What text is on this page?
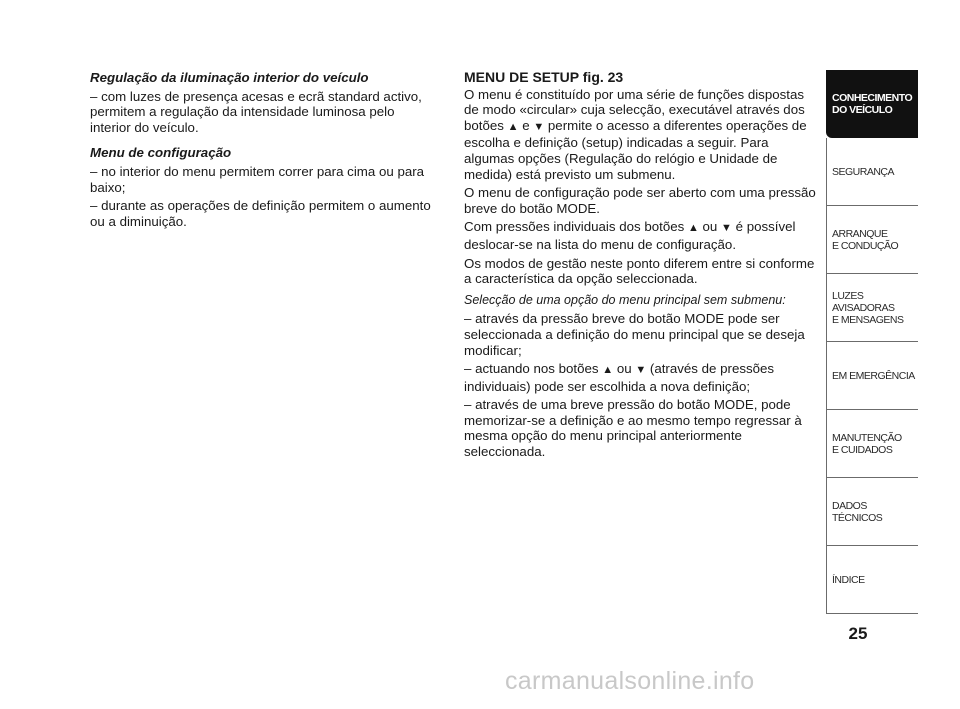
Regulação da iluminação interior do veículo

– com luzes de presença acesas e ecrã standard activo, permitem a regulação da intensidade luminosa pelo interior do veículo.

Menu de configuração

– no interior do menu permitem correr para cima ou para baixo;

– durante as operações de definição permitem o aumento ou a diminuição.

MENU DE SETUP fig. 23

O menu é constituído por uma série de funções dispostas de modo «circular» cuja selecção, executável através dos botões ▲ e ▼ permite o acesso a diferentes operações de escolha e definição (setup) indicadas a seguir. Para algumas opções (Regulação do relógio e Unidade de medida) está previsto um submenu.

O menu de configuração pode ser aberto com uma pressão breve do botão MODE.

Com pressões individuais dos botões ▲ ou ▼ é possível deslocar-se na lista do menu de configuração.

Os modos de gestão neste ponto diferem entre si conforme a característica da opção seleccionada.

Selecção de uma opção do menu principal sem submenu:

– através da pressão breve do botão MODE pode ser seleccionada a definição do menu principal que se deseja modificar;

– actuando nos botões ▲ ou ▼ (através de pressões individuais) pode ser escolhida a nova definição;

– através de uma breve pressão do botão MODE, pode memorizar-se a definição e ao mesmo tempo regressar à mesma opção do menu principal anteriormente seleccionada.

CONHECIMENTO
DO VEÍCULO
SEGURANÇA
ARRANQUE
E CONDUÇÃO
LUZES
AVISADORAS
E MENSAGENS
EM EMERGÊNCIA
MANUTENÇÃO
E CUIDADOS
DADOS
TÉCNICOS
ÍNDICE
25
carmanualsonline.info
